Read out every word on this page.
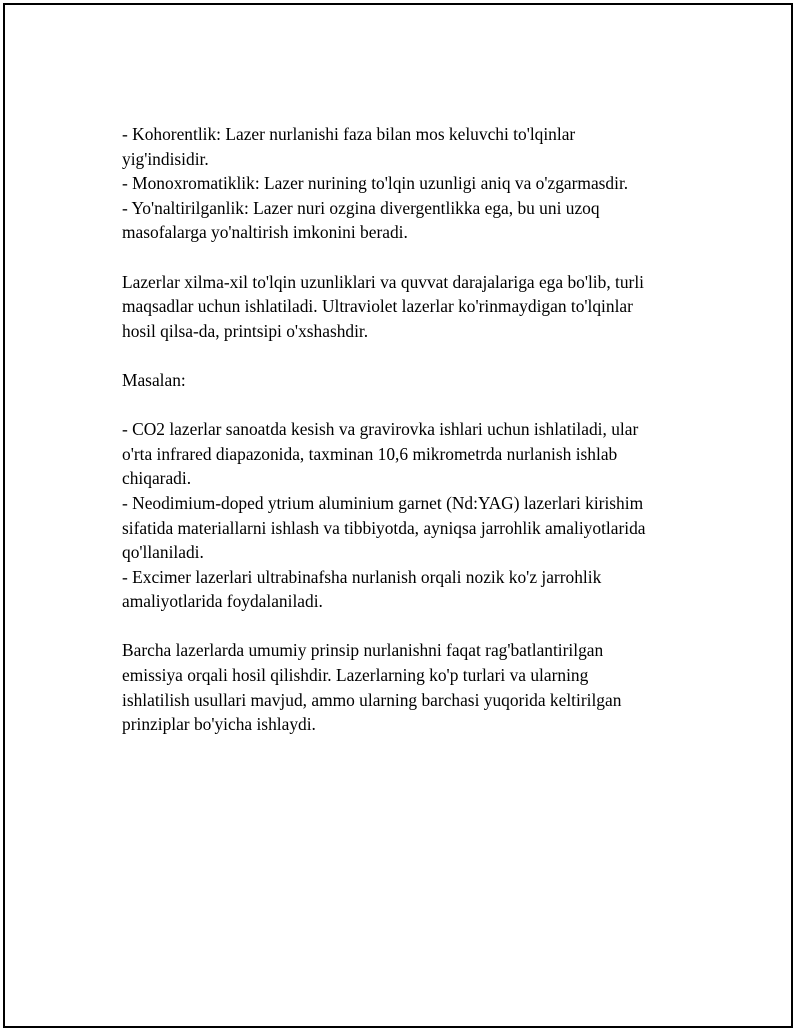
- Kohorentlik: Lazer nurlanishi faza bilan mos keluvchi to'lqinlar
yig'indisidir.
- Monoxromatiklik: Lazer nurining to'lqin uzunligi aniq va o'zgarmasdir.
- Yo'naltirilganlik: Lazer nuri ozgina divergentlikka ega, bu uni uzoq
masofalarga yo'naltirish imkonini beradi.
Lazerlar xilma-xil to'lqin uzunliklari va quvvat darajalariga ega bo'lib, turli
maqsadlar uchun ishlatiladi. Ultraviolet lazerlar ko'rinmaydigan to'lqinlar
hosil qilsa-da, printsipi o'xshashdir.
Masalan:
- CO2 lazerlar sanoatda kesish va gravirovka ishlari uchun ishlatiladi, ular
o'rta infrared diapazonida, taxminan 10,6 mikrometrda nurlanish ishlab
chiqaradi.
- Neodimium-doped ytrium aluminium garnet (Nd:YAG) lazerlari kirishim
sifatida materiallarni ishlash va tibbiyotda, ayniqsa jarrohlik amaliyotlarida
qo'llaniladi.
- Excimer lazerlari ultrabinafsha nurlanish orqali nozik ko'z jarrohlik
amaliyotlarida foydalaniladi.
Barcha lazerlarda umumiy prinsip nurlanishni faqat rag'batlantirilgan
emissiya orqali hosil qilishdir. Lazerlarning ko'p turlari va ularning
ishlatilish usullari mavjud, ammo ularning barchasi yuqorida keltirilgan
prinziplar bo'yicha ishlaydi.
